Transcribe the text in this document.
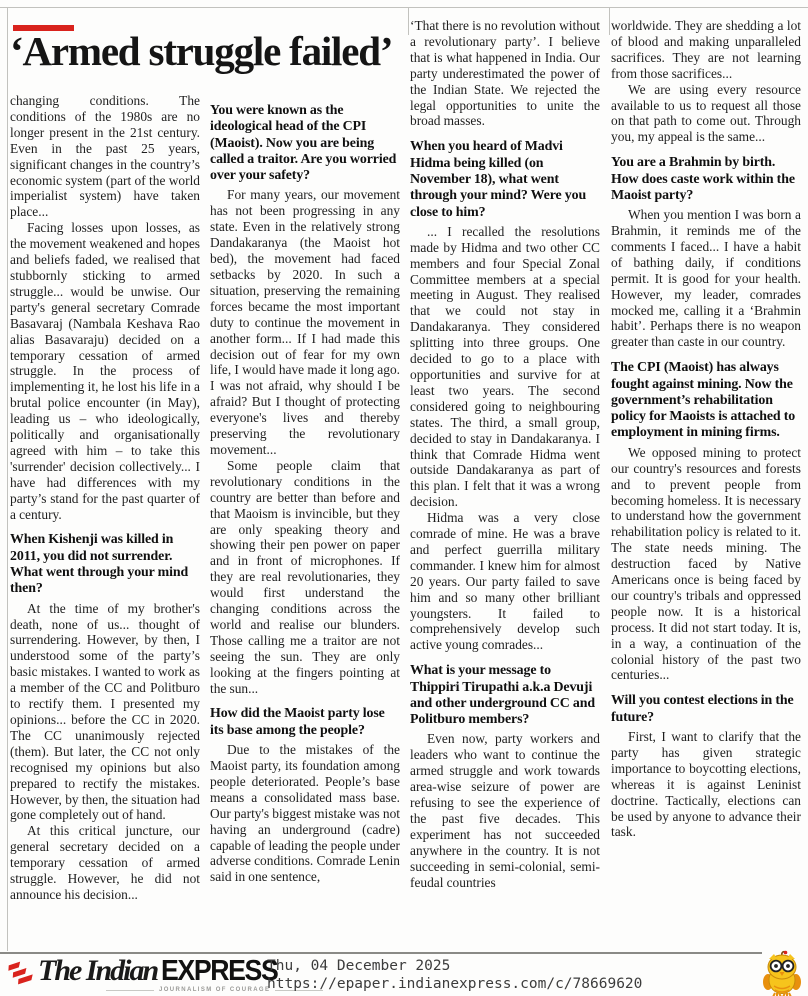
‘Armed struggle failed’

changing conditions. The conditions of the 1980s are no longer present in the 21st century. Even in the past 25 years, significant changes in the country’s economic system (part of the world imperialist system) have taken place...

Facing losses upon losses, as the movement weakened and hopes and beliefs faded, we realised that stubbornly sticking to armed struggle... would be unwise. Our party's general secretary Comrade Basavaraj (Nambala Keshava Rao alias Basavaraju) decided on a temporary cessation of armed struggle. In the process of implementing it, he lost his life in a brutal police encounter (in May), leading us – who ideologically, politically and organisationally agreed with him – to take this 'surrender' decision collectively... I have had differences with my party’s stand for the past quarter of a century.

When Kishenji was killed in 2011, you did not surrender. What went through your mind then?

At the time of my brother's death, none of us... thought of surrendering. However, by then, I understood some of the party’s basic mistakes. I wanted to work as a member of the CC and Politburo to rectify them. I presented my opinions... before the CC in 2020. The CC unanimously rejected (them). But later, the CC not only recognised my opinions but also prepared to rectify the mistakes. However, by then, the situation had gone completely out of hand.

At this critical juncture, our general secretary decided on a temporary cessation of armed struggle. However, he did not announce his decision...

You were known as the ideological head of the CPI (Maoist). Now you are being called a traitor. Are you worried over your safety?

For many years, our movement has not been progressing in any state. Even in the relatively strong Dandakaranya (the Maoist hot bed), the movement had faced setbacks by 2020. In such a situation, preserving the remaining forces became the most important duty to continue the movement in another form... If I had made this decision out of fear for my own life, I would have made it long ago. I was not afraid, why should I be afraid? But I thought of protecting everyone's lives and thereby preserving the revolutionary movement...

Some people claim that revolutionary conditions in the country are better than before and that Maoism is invincible, but they are only speaking theory and showing their pen power on paper and in front of microphones. If they are real revolutionaries, they would first understand the changing conditions across the world and realise our blunders. Those calling me a traitor are not seeing the sun. They are only looking at the fingers pointing at the sun...

How did the Maoist party lose its base among the people?

Due to the mistakes of the Maoist party, its foundation among people deteriorated. People’s base means a consolidated mass base. Our party's biggest mistake was not having an underground (cadre) capable of leading the people under adverse conditions. Comrade Lenin said in one sentence,

‘That there is no revolution without a revolutionary party’. I believe that is what happened in India. Our party underestimated the power of the Indian State. We rejected the legal opportunities to unite the broad masses.

When you heard of Madvi Hidma being killed (on November 18), what went through your mind? Were you close to him?

... I recalled the resolutions made by Hidma and two other CC members and four Special Zonal Committee members at a special meeting in August. They realised that we could not stay in Dandakaranya. They considered splitting into three groups. One decided to go to a place with opportunities and survive for at least two years. The second considered going to neighbouring states. The third, a small group, decided to stay in Dandakaranya. I think that Comrade Hidma went outside Dandakaranya as part of this plan. I felt that it was a wrong decision.

Hidma was a very close comrade of mine. He was a brave and perfect guerrilla military commander. I knew him for almost 20 years. Our party failed to save him and so many other brilliant youngsters. It failed to comprehensively develop such active young comrades...

What is your message to Thippiri Tirupathi a.k.a Devuji and other underground CC and Politburo members?

Even now, party workers and leaders who want to continue the armed struggle and work towards area-wise seizure of power are refusing to see the experience of the past five decades. This experiment has not succeeded anywhere in the country. It is not succeeding in semi-colonial, semi-feudal countries

worldwide. They are shedding a lot of blood and making unparalleled sacrifices. They are not learning from those sacrifices...

We are using every resource available to us to request all those on that path to come out. Through you, my appeal is the same...

You are a Brahmin by birth. How does caste work within the Maoist party?

When you mention I was born a Brahmin, it reminds me of the comments I faced... I have a habit of bathing daily, if conditions permit. It is good for your health. However, my leader, comrades mocked me, calling it a ‘Brahmin habit’. Perhaps there is no weapon greater than caste in our country.

The CPI (Maoist) has always fought against mining. Now the government’s rehabilitation policy for Maoists is attached to employment in mining firms.

We opposed mining to protect our country's resources and forests and to prevent people from becoming homeless. It is necessary to understand how the government rehabilitation policy is related to it. The state needs mining. The destruction faced by Native Americans once is being faced by our country's tribals and oppressed people now. It is a historical process. It did not start today. It is, in a way, a continuation of the colonial history of the past two centuries...

Will you contest elections in the future?

First, I want to clarify that the party has given strategic importance to boycotting elections, whereas it is against Leninist doctrine. Tactically, elections can be used by anyone to advance their task.

The Indian EXPRESS
JOURNALISM OF COURAGE
Thu, 04 December 2025
https://epaper.indianexpress.com/c/78669620
